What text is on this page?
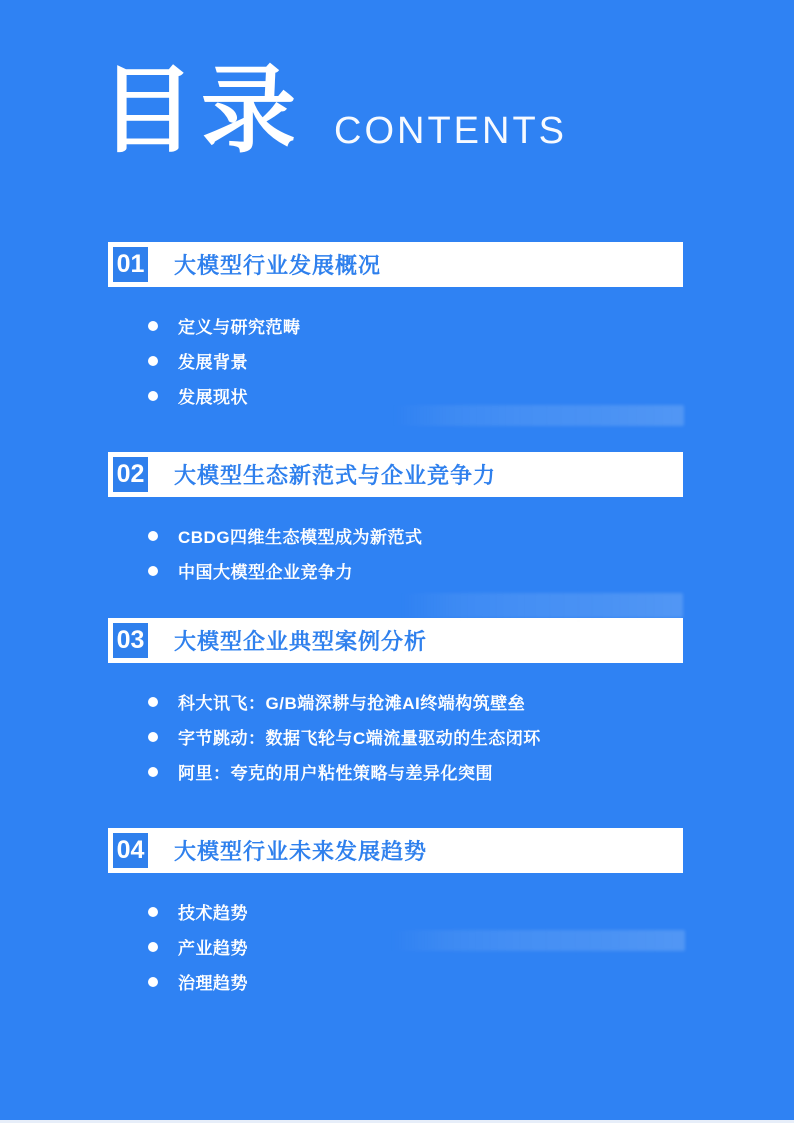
目录 CONTENTS
01 大模型行业发展概况
定义与研究范畴
发展背景
发展现状
02 大模型生态新范式与企业竞争力
CBDG四维生态模型成为新范式
中国大模型企业竞争力
03 大模型企业典型案例分析
科大讯飞：G/B端深耕与抢滩AI终端构筑壁垒
字节跳动：数据飞轮与C端流量驱动的生态闭环
阿里：夸克的用户粘性策略与差异化突围
04 大模型行业未来发展趋势
技术趋势
产业趋势
治理趋势
